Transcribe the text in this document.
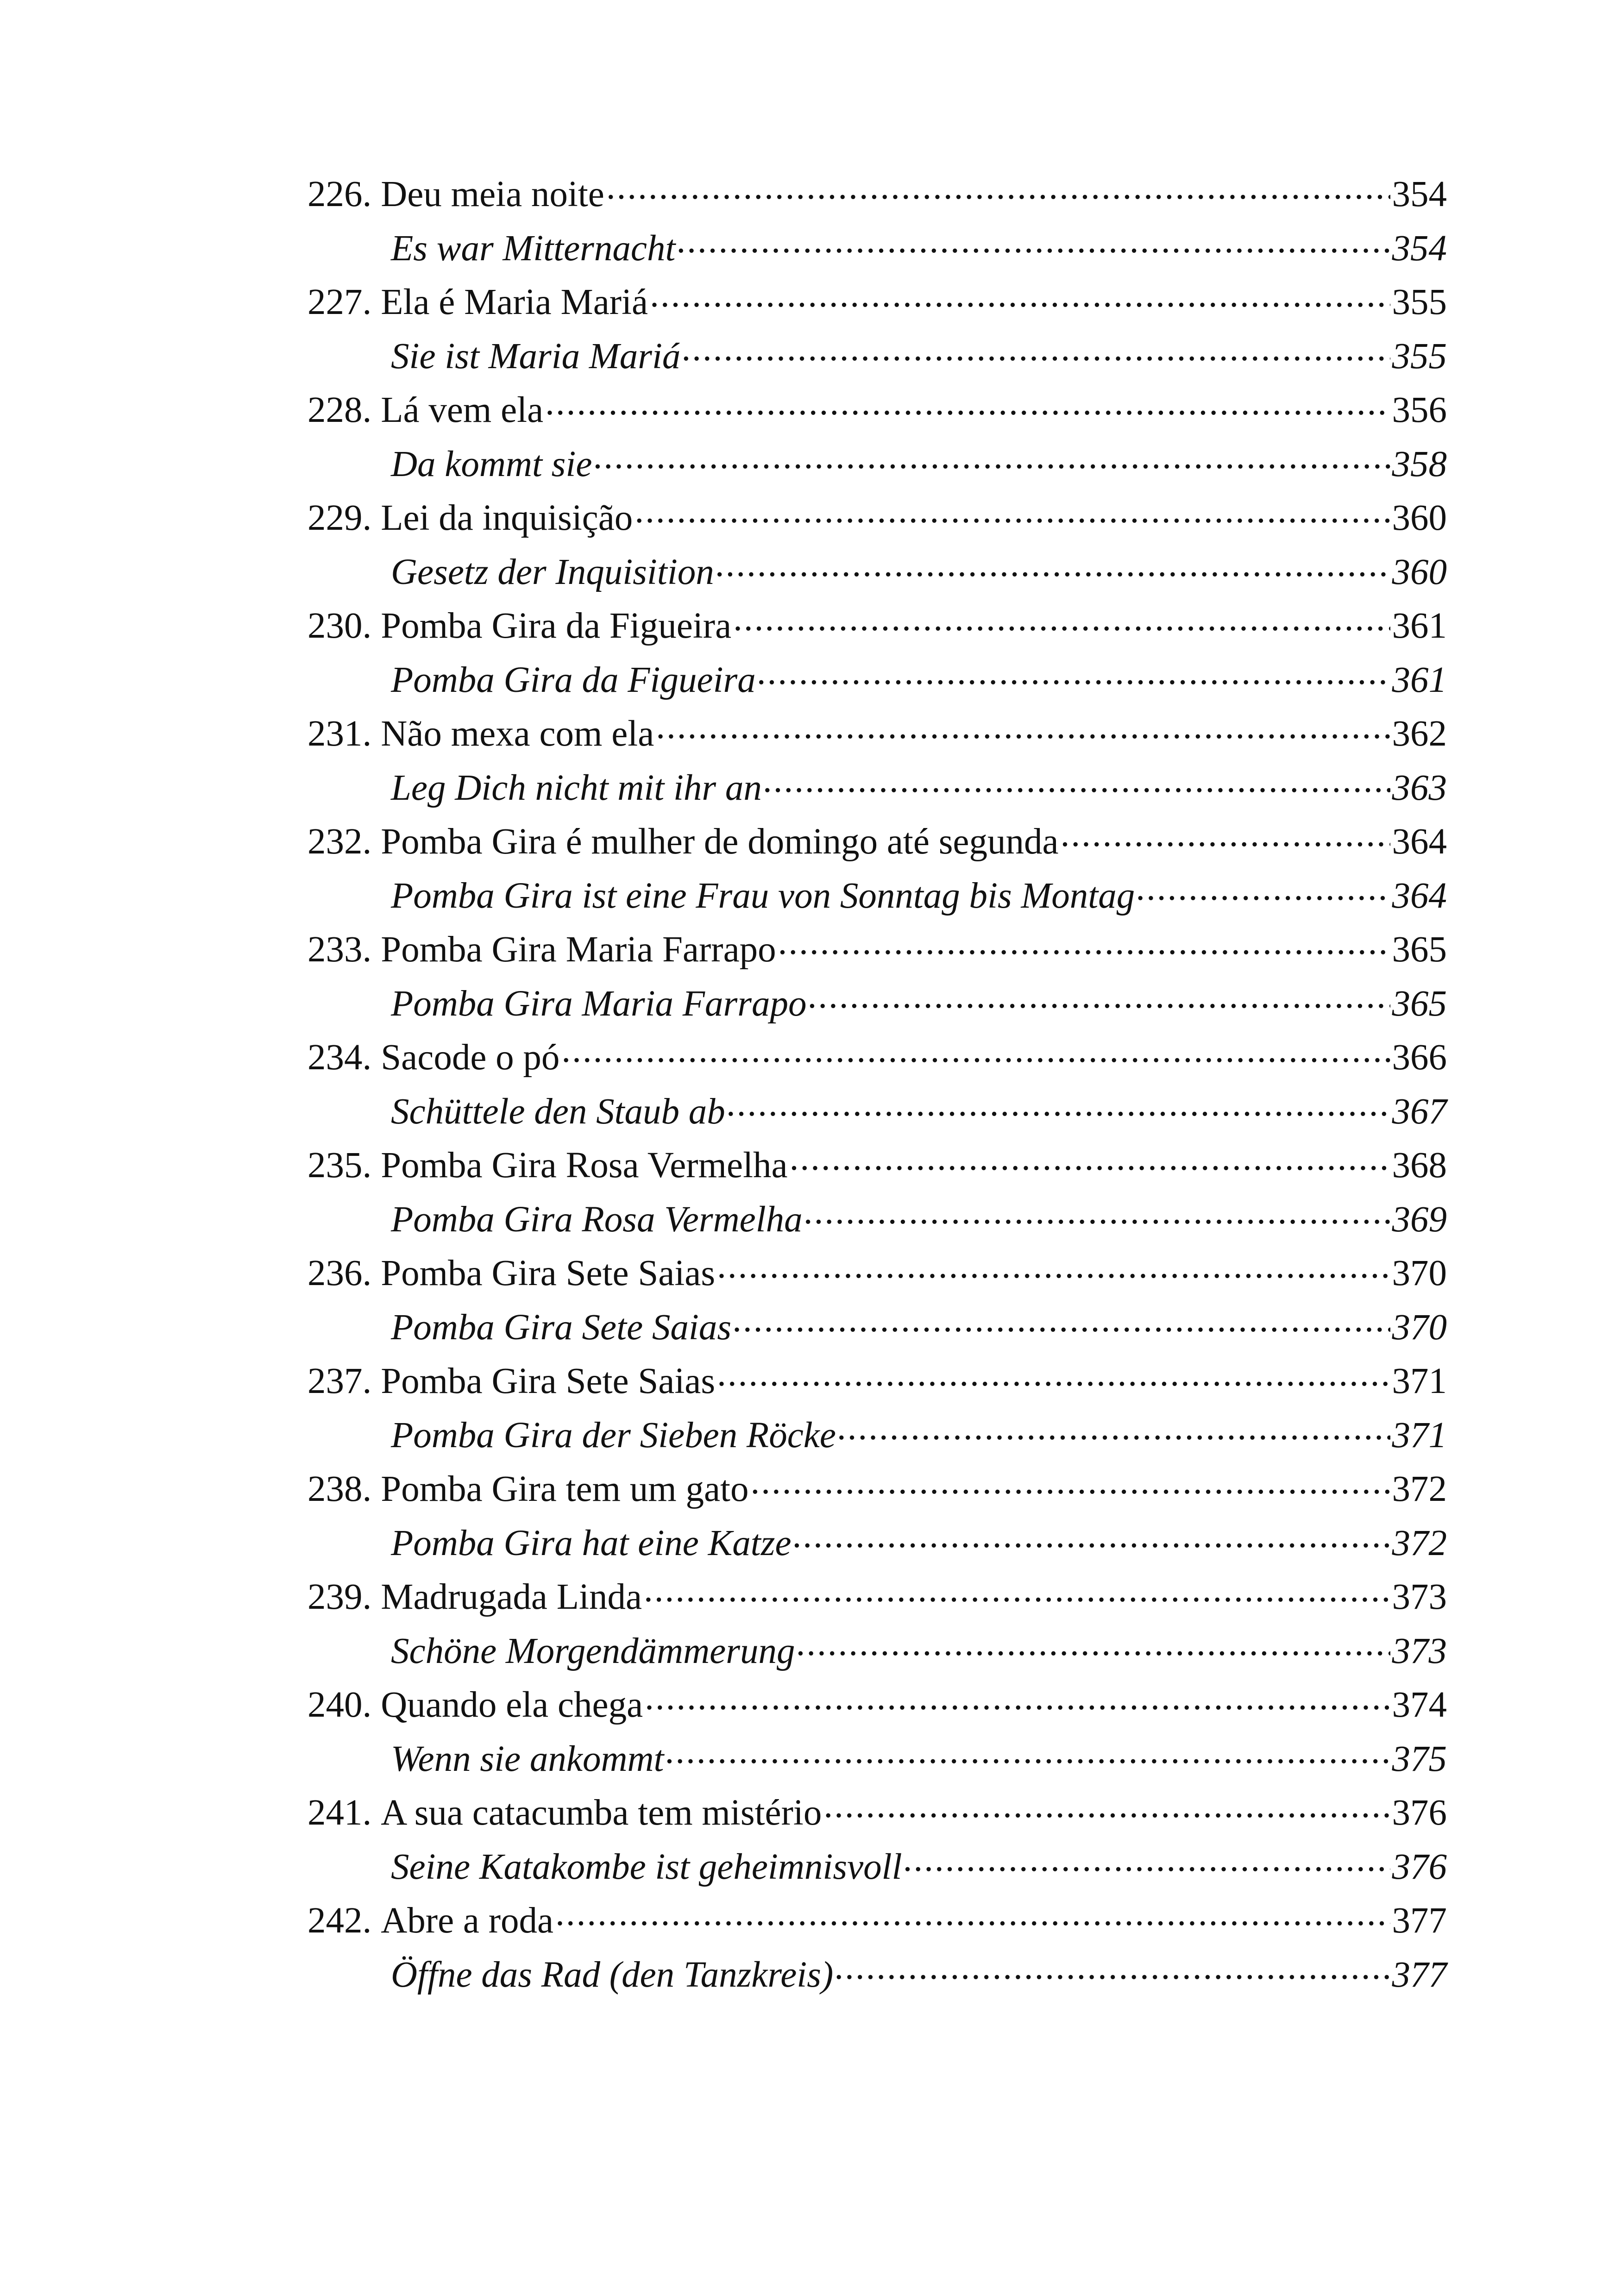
226. Deu meia noite .....	354
Es war Mitternacht .....	354
227. Ela é Maria Mariá .....	355
Sie ist Maria Mariá .....	355
228. Lá vem ela .....	356
Da kommt sie .....	358
229. Lei da inquisição .....	360
Gesetz der Inquisition .....	360
230. Pomba Gira da Figueira .....	361
Pomba Gira da Figueira .....	361
231. Não mexa com ela .....	362
Leg Dich nicht mit ihr an .....	363
232. Pomba Gira é mulher de domingo até segunda .....	364
Pomba Gira ist eine Frau von Sonntag bis Montag .....	364
233. Pomba Gira Maria Farrapo .....	365
Pomba Gira Maria Farrapo .....	365
234. Sacode o pó .....	366
Schüttele den Staub ab .....	367
235. Pomba Gira Rosa Vermelha .....	368
Pomba Gira Rosa Vermelha .....	369
236. Pomba Gira Sete Saias .....	370
Pomba Gira Sete Saias .....	370
237. Pomba Gira Sete Saias .....	371
Pomba Gira der Sieben Röcke .....	371
238. Pomba Gira tem um gato .....	372
Pomba Gira hat eine Katze .....	372
239. Madrugada Linda .....	373
Schöne Morgendämmerung .....	373
240. Quando ela chega .....	374
Wenn sie ankommt .....	375
241. A sua catacumba tem mistério .....	376
Seine Katakombe ist geheimnisvoll .....	376
242. Abre a roda .....	377
Öffne das Rad (den Tanzkreis) .....	377
